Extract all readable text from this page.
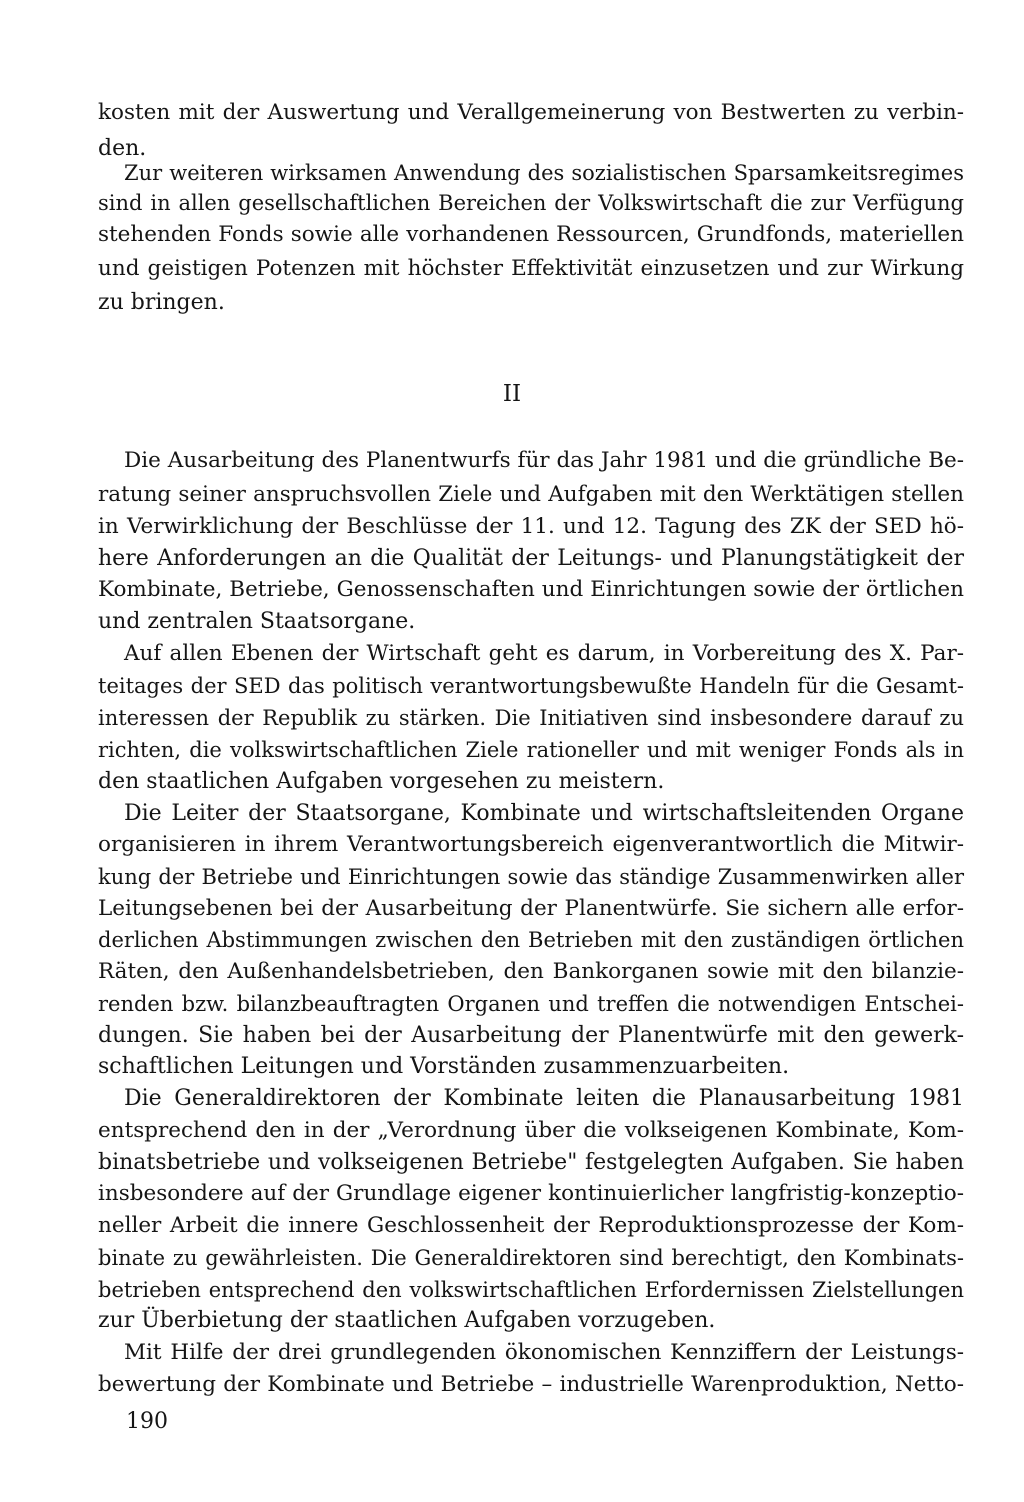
kosten mit der Auswertung und Verallgemeinerung von Bestwerten zu verbin-
den.
Zur weiteren wirksamen Anwendung des sozialistischen Sparsamkeitsregimes
sind in allen gesellschaftlichen Bereichen der Volkswirtschaft die zur Verfügung
stehenden Fonds sowie alle vorhandenen Ressourcen, Grundfonds, materiellen
und geistigen Potenzen mit höchster Effektivität einzusetzen und zur Wirkung
zu bringen.
II
Die Ausarbeitung des Planentwurfs für das Jahr 1981 und die gründliche Be-
ratung seiner anspruchsvollen Ziele und Aufgaben mit den Werktätigen stellen
in Verwirklichung der Beschlüsse der 11. und 12. Tagung des ZK der SED hö-
here Anforderungen an die Qualität der Leitungs- und Planungstätigkeit der
Kombinate, Betriebe, Genossenschaften und Einrichtungen sowie der örtlichen
und zentralen Staatsorgane.
Auf allen Ebenen der Wirtschaft geht es darum, in Vorbereitung des X. Par-
teitages der SED das politisch verantwortungsbewußte Handeln für die Gesamt-
interessen der Republik zu stärken. Die Initiativen sind insbesondere darauf zu
richten, die volkswirtschaftlichen Ziele rationeller und mit weniger Fonds als in
den staatlichen Aufgaben vorgesehen zu meistern.
Die Leiter der Staatsorgane, Kombinate und wirtschaftsleitenden Organe
organisieren in ihrem Verantwortungsbereich eigenverantwortlich die Mitwir-
kung der Betriebe und Einrichtungen sowie das ständige Zusammenwirken aller
Leitungsebenen bei der Ausarbeitung der Planentwürfe. Sie sichern alle erfor-
derlichen Abstimmungen zwischen den Betrieben mit den zuständigen örtlichen
Räten, den Außenhandelsbetrieben, den Bankorganen sowie mit den bilanzie-
renden bzw. bilanzbeauftragten Organen und treffen die notwendigen Entschei-
dungen. Sie haben bei der Ausarbeitung der Planentwürfe mit den gewerk-
schaftlichen Leitungen und Vorständen zusammenzuarbeiten.
Die Generaldirektoren der Kombinate leiten die Planausarbeitung 1981
entsprechend den in der „Verordnung über die volkseigenen Kombinate, Kom-
binatsbetriebe und volkseigenen Betriebe" festgelegten Aufgaben. Sie haben
insbesondere auf der Grundlage eigener kontinuierlicher langfristig-konzeptio-
neller Arbeit die innere Geschlossenheit der Reproduktionsprozesse der Kom-
binate zu gewährleisten. Die Generaldirektoren sind berechtigt, den Kombinats-
betrieben entsprechend den volkswirtschaftlichen Erfordernissen Zielstellungen
zur Überbietung der staatlichen Aufgaben vorzugeben.
Mit Hilfe der drei grundlegenden ökonomischen Kennziffern der Leistungs-
bewertung der Kombinate und Betriebe – industrielle Warenproduktion, Netto-
190
